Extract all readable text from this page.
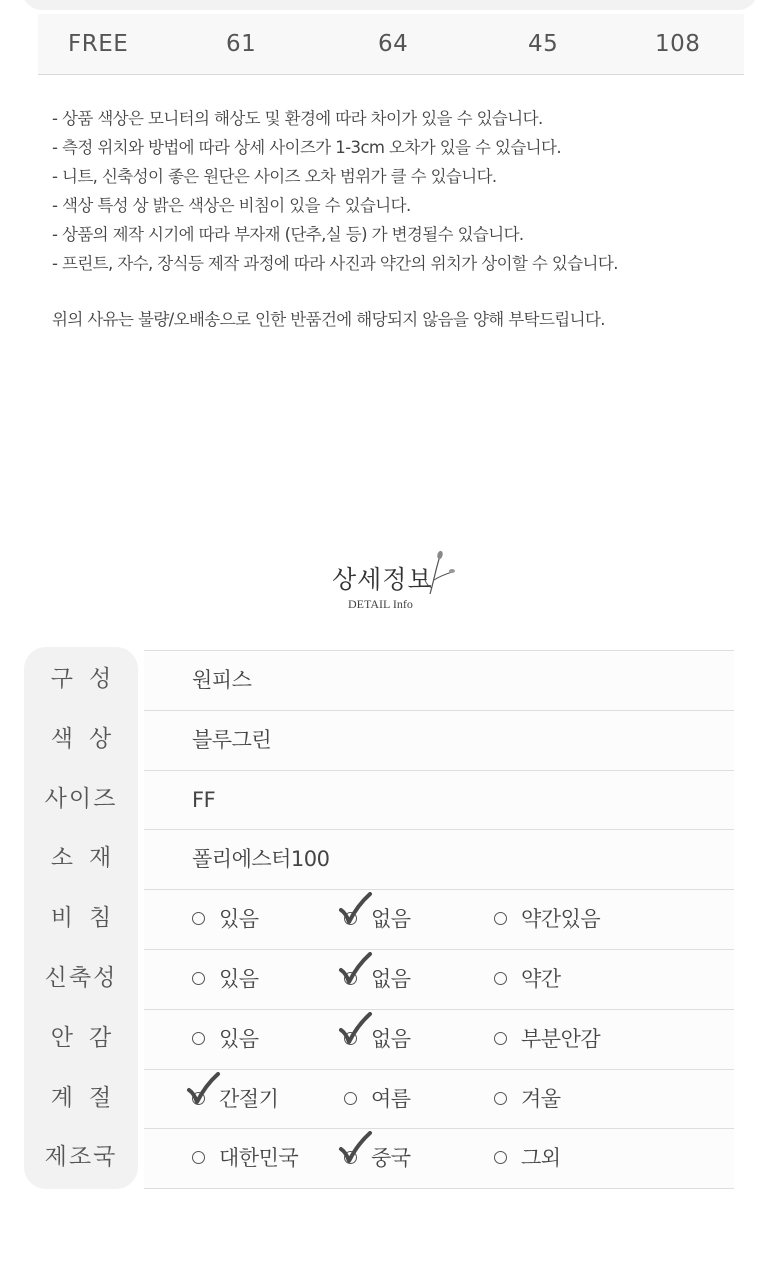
FREE	61	64	45	108
- 상품 색상은 모니터의 해상도 및 환경에 따라 차이가 있을 수 있습니다.
- 측정 위치와 방법에 따라 상세 사이즈가 1-3cm 오차가 있을 수 있습니다.
- 니트, 신축성이 좋은 원단은 사이즈 오차 범위가 클 수 있습니다.
- 색상 특성 상 밝은 색상은 비침이 있을 수 있습니다.
- 상품의 제작 시기에 따라 부자재 (단추,실 등) 가 변경될수 있습니다.
- 프린트, 자수, 장식등 제작 과정에 따라 사진과 약간의 위치가 상이할 수 있습니다.
위의 사유는 불량/오배송으로 인한 반품건에 해당되지 않음을 양해 부탁드립니다.
상세정보
DETAIL Info
구성	원피스
색상	블루그린
사이즈	FF
소재	폴리에스터100
비침	있음	없음	약간있음
신축성	있음	없음	약간
안감	있음	없음	부분안감
계절	간절기	여름	겨울
제조국	대한민국	중국	그외
